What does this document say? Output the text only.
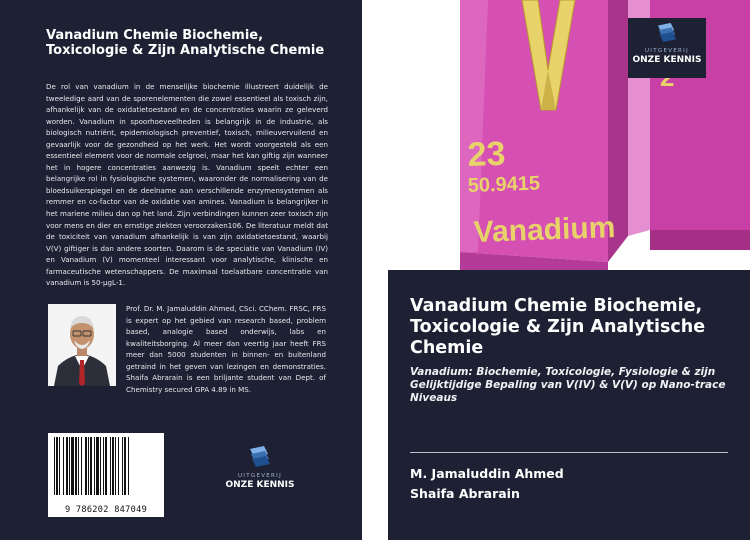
Vanadium Chemie Biochemie, Toxicologie & Zijn Analytische Chemie
De rol van vanadium in de menselijke biochemie illustreert duidelijk de tweeledige aard van de sporenelementen die zowel essentieel als toxisch zijn, afhankelijk van de oxidatietoestand en de concentraties waarin ze geleverd worden. Vanadium in spoorhoeveelheden is belangrijk in de industrie, als biologisch nutriënt, epidemiologisch preventief, toxisch, milieuvervuilend en gevaarlijk voor de gezondheid op het werk. Het wordt voorgesteld als een essentieel element voor de normale celgroei, maar het kan giftig zijn wanneer het in hogere concentraties aanwezig is. Vanadium speelt echter een belangrijke rol in fysiologische systemen, waaronder de normalisering van de bloedsuikerspiegel en de deelname aan verschillende enzymensystemen als remmer en co-factor van de oxidatie van amines. Vanadium is belangrijker in het mariene milieu dan op het land. Zijn verbindingen kunnen zeer toxisch zijn voor mens en dier en ernstige ziekten veroorzaken106. De literatuur meldt dat de toxiciteit van vanadium afhankelijk is van zijn oxidatietoestand, waarbij V(V) giftiger is dan andere soorten. Daarom is de speciatie van Vanadium (IV) en Vanadium (V) momenteel interessant voor analytische, klinische en farmaceutische wetenschappers. De maximaal toelaatbare concentratie van vanadium is 50-µgL-1.
Prof. Dr. M. Jamaluddin Ahmed, CSci. CChem. FRSC, FRS is expert op het gebied van research based, problem based, analogie based onderwijs, labs en kwaliteitsborging. Al meer dan veertig jaar heeft FRS meer dan 5000 studenten in binnen- en buitenland getraind in het geven van lezingen en demonstraties. Shaifa Abrarain is een briljante student van Dept. of Chemistry secured GPA 4.89 in MS.
9 786202 847049
UITGEVERIJ
ONZE KENNIS
23
50.9415
Vanadium
UITGEVERIJ
ONZE KENNIS
Vanadium Chemie Biochemie, Toxicologie & Zijn Analytische Chemie
Vanadium: Biochemie, Toxicologie, Fysiologie & zijn Gelijktijdige Bepaling van V(IV) & V(V) op Nano-trace Niveaus
M. Jamaluddin Ahmed
Shaifa Abrarain
